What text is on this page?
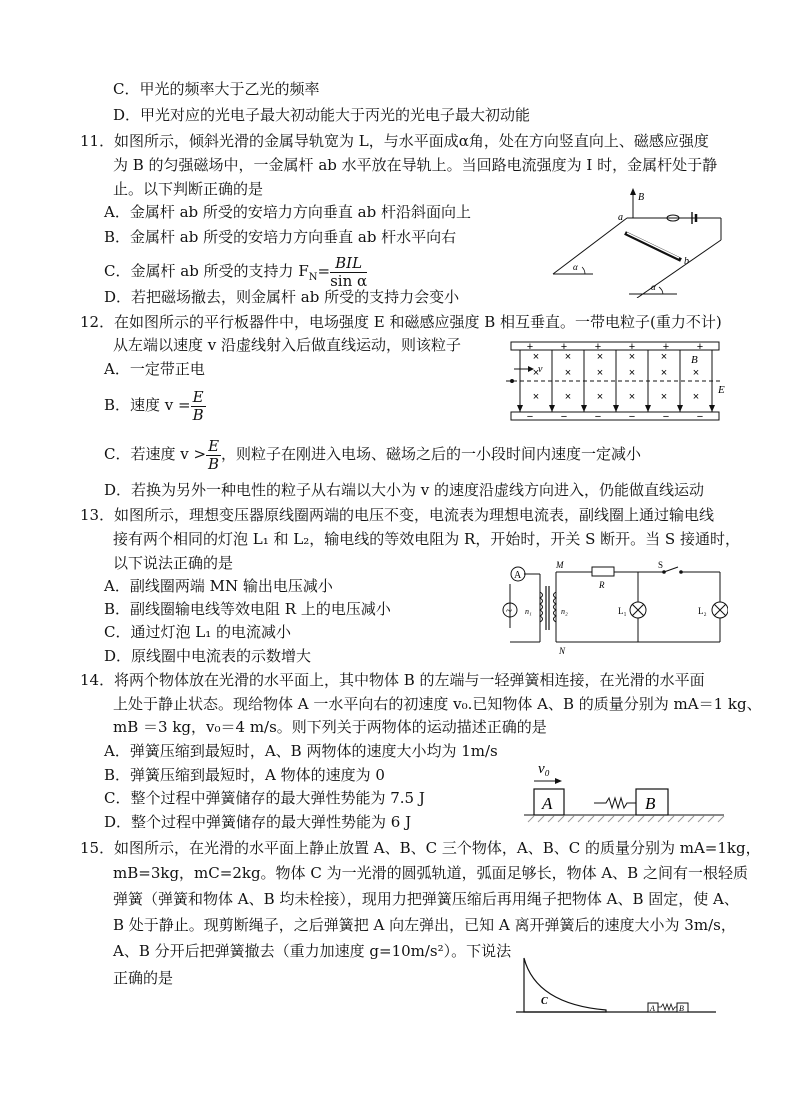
C．甲光的频率大于乙光的频率
D．甲光对应的光电子最大初动能大于丙光的光电子最大初动能
11． 如图所示，倾斜光滑的金属导轨宽为 L，与水平面成α角，处在方向竖直向上、磁感应强度
为 B 的匀强磁场中，一金属杆 ab 水平放在导轨上。当回路电流强度为 I 时，金属杆处于静
止。以下判断正确的是
A．金属杆 ab 所受的安培力方向垂直 ab 杆沿斜面向上
B．金属杆 ab 所受的安培力方向垂直 ab 杆水平向右
C．金属杆 ab 所受的支持力 $F_N= \frac{\text{BIL}}{\text{sin α}}$
D．若把磁场撤去，则金属杆 ab 所受的支持力会变小
B
a
b
α
α
12． 在如图所示的平行板器件中，电场强度 E 和磁感应强度 B 相互垂直。一带电粒子(重力不计)
从左端以速度 v 沿虚线射入后做直线运动，则该粒子
A．一定带正电
B．速度 $v = \frac{E}{B}$
C．若速度 $v > \frac{E}{B}$ ，则粒子在刚进入电场、磁场之后的一小段时间内速度一定减小
D．若换为另外一种电性的粒子从右端以大小为 v 的速度沿虚线方向进入，仍能做直线运动
+	+	+	+	+	+
−	−	−	−	−	−
v
× × × × ×
× × × × × ×
× × × × × ×
B
E
13． 如图所示，理想变压器原线圈两端的电压不变，电流表为理想电流表，副线圈上通过输电线
接有两个相同的灯泡 L₁ 和 L₂，输电线的等效电阻为 R，开始时，开关 S 断开。当 S 接通时，
以下说法正确的是
A．副线圈两端 MN 输出电压减小
B．副线圈输电线等效电阻 R 上的电压减小
C．通过灯泡 L₁ 的电流减小
D．原线圈中电流表的示数增大
A
~ n₁	n₂
M
N
R
S
L₁	L₂
14． 将两个物体放在光滑的水平面上，其中物体 B 的左端与一轻弹簧相连接，在光滑的水平面
上处于静止状态。现给物体 A 一水平向右的初速度 v₀.已知物体 A、B 的质量分别为 mA＝1 kg、
mB ＝3 kg，v₀＝4 m/s。则下列关于两物体的运动描述正确的是
A．弹簧压缩到最短时，A、B 两物体的速度大小均为 1m/s
B．弹簧压缩到最短时，A 物体的速度为 0
C．整个过程中弹簧储存的最大弹性势能为 7.5 J
D．整个过程中弹簧储存的最大弹性势能为 6 J
v₀
A	B
15． 如图所示，在光滑的水平面上静止放置 A、B、C 三个物体，A、B、C 的质量分别为 mA=1kg，
mB=3kg，mC=2kg。物体 C 为一光滑的圆弧轨道，弧面足够长，物体 A、B 之间有一根轻质
弹簧（弹簧和物体 A、B 均未栓接），现用力把弹簧压缩后再用绳子把物体 A、B 固定，使 A、
B 处于静止。现剪断绳子，之后弹簧把 A 向左弹出，已知 A 离开弹簧后的速度大小为 3m/s，
A、B 分开后把弹簧撤去（重力加速度 g=10m/s²）。下说法
正确的是
C
A	B
